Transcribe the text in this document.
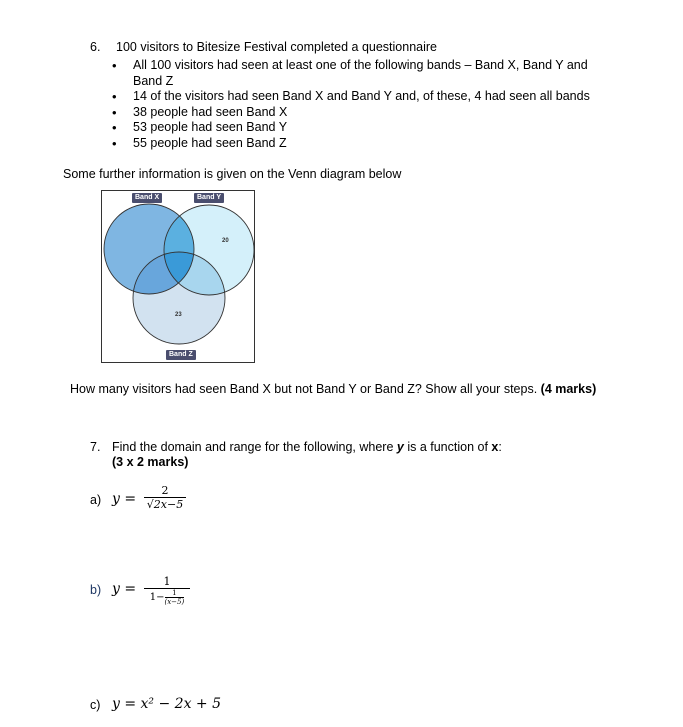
6. 100 visitors to Bitesize Festival completed a questionnaire
• All 100 visitors had seen at least one of the following bands – Band X, Band Y and Band Z
• 14 of the visitors had seen Band X and Band Y and, of these, 4 had seen all bands
• 38 people had seen Band X
• 53 people had seen Band Y
• 55 people had seen Band Z
Some further information is given on the Venn diagram below
Band X	Band Y
Band Z
20
23
How many visitors had seen Band X but not Band Y or Band Z? Show all your steps. (4 marks)
7. Find the domain and range for the following, where y is a function of x:
(3 x 2 marks)
a) y =
2
√2x−5
b) y =	1
$1- \frac{1}{(x-5)}$
c) y = x² − 2x + 5
